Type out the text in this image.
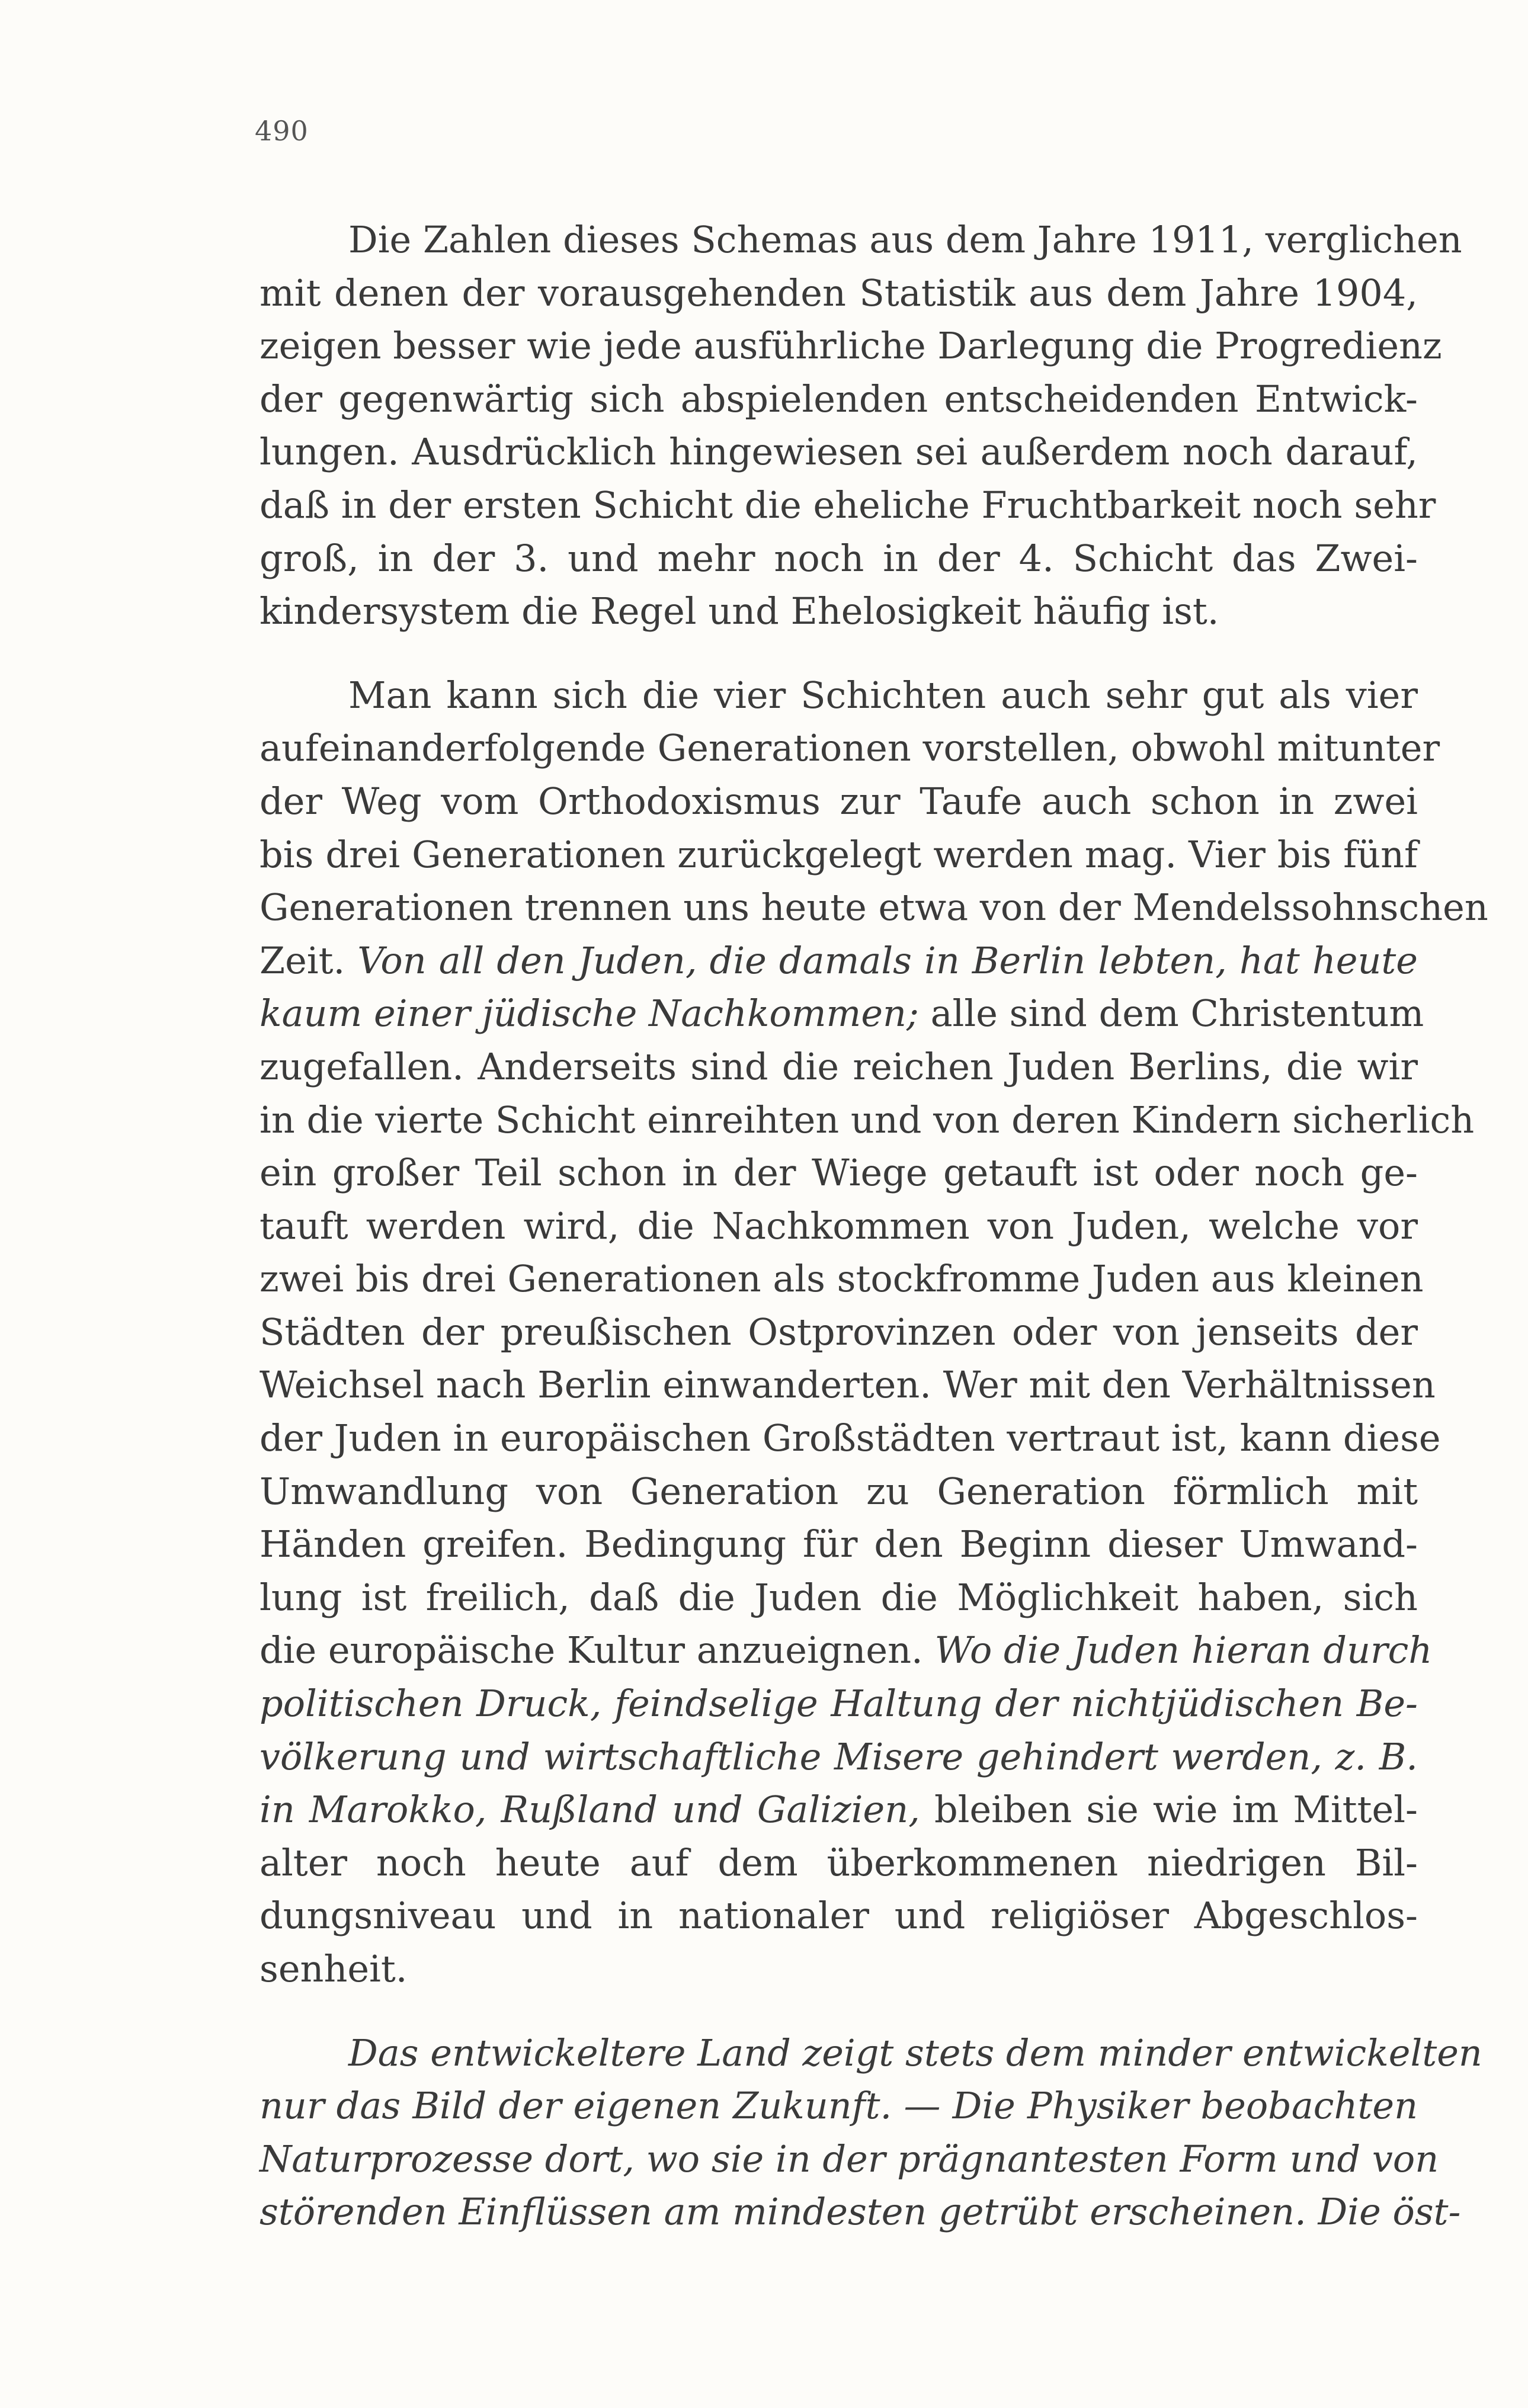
490

Die Zahlen dieses Schemas aus dem Jahre 1911, verglichen
mit denen der vorausgehenden Statistik aus dem Jahre 1904,
zeigen besser wie jede ausführliche Darlegung die Progredienz
der gegenwärtig sich abspielenden entscheidenden Entwick-
lungen. Ausdrücklich hingewiesen sei außerdem noch darauf,
daß in der ersten Schicht die eheliche Fruchtbarkeit noch sehr
groß, in der 3. und mehr noch in der 4. Schicht das Zwei-
kindersystem die Regel und Ehelosigkeit häufig ist.

Man kann sich die vier Schichten auch sehr gut als vier
aufeinanderfolgende Generationen vorstellen, obwohl mitunter
der Weg vom Orthodoxismus zur Taufe auch schon in zwei
bis drei Generationen zurückgelegt werden mag. Vier bis fünf
Generationen trennen uns heute etwa von der Mendelssohnschen
Zeit. Von all den Juden, die damals in Berlin lebten, hat heute
kaum einer jüdische Nachkommen; alle sind dem Christentum
zugefallen. Anderseits sind die reichen Juden Berlins, die wir
in die vierte Schicht einreihten und von deren Kindern sicherlich
ein großer Teil schon in der Wiege getauft ist oder noch ge-
tauft werden wird, die Nachkommen von Juden, welche vor
zwei bis drei Generationen als stockfromme Juden aus kleinen
Städten der preußischen Ostprovinzen oder von jenseits der
Weichsel nach Berlin einwanderten. Wer mit den Verhältnissen
der Juden in europäischen Großstädten vertraut ist, kann diese
Umwandlung von Generation zu Generation förmlich mit
Händen greifen. Bedingung für den Beginn dieser Umwand-
lung ist freilich, daß die Juden die Möglichkeit haben, sich
die europäische Kultur anzueignen. Wo die Juden hieran durch
politischen Druck, feindselige Haltung der nichtjüdischen Be-
völkerung und wirtschaftliche Misere gehindert werden, z. B.
in Marokko, Rußland und Galizien, bleiben sie wie im Mittel-
alter noch heute auf dem überkommenen niedrigen Bil-
dungsniveau und in nationaler und religiöser Abgeschlos-
senheit.

Das entwickeltere Land zeigt stets dem minder entwickelten
nur das Bild der eigenen Zukunft. — Die Physiker beobachten
Naturprozesse dort, wo sie in der prägnantesten Form und von
störenden Einflüssen am mindesten getrübt erscheinen. Die öst-
